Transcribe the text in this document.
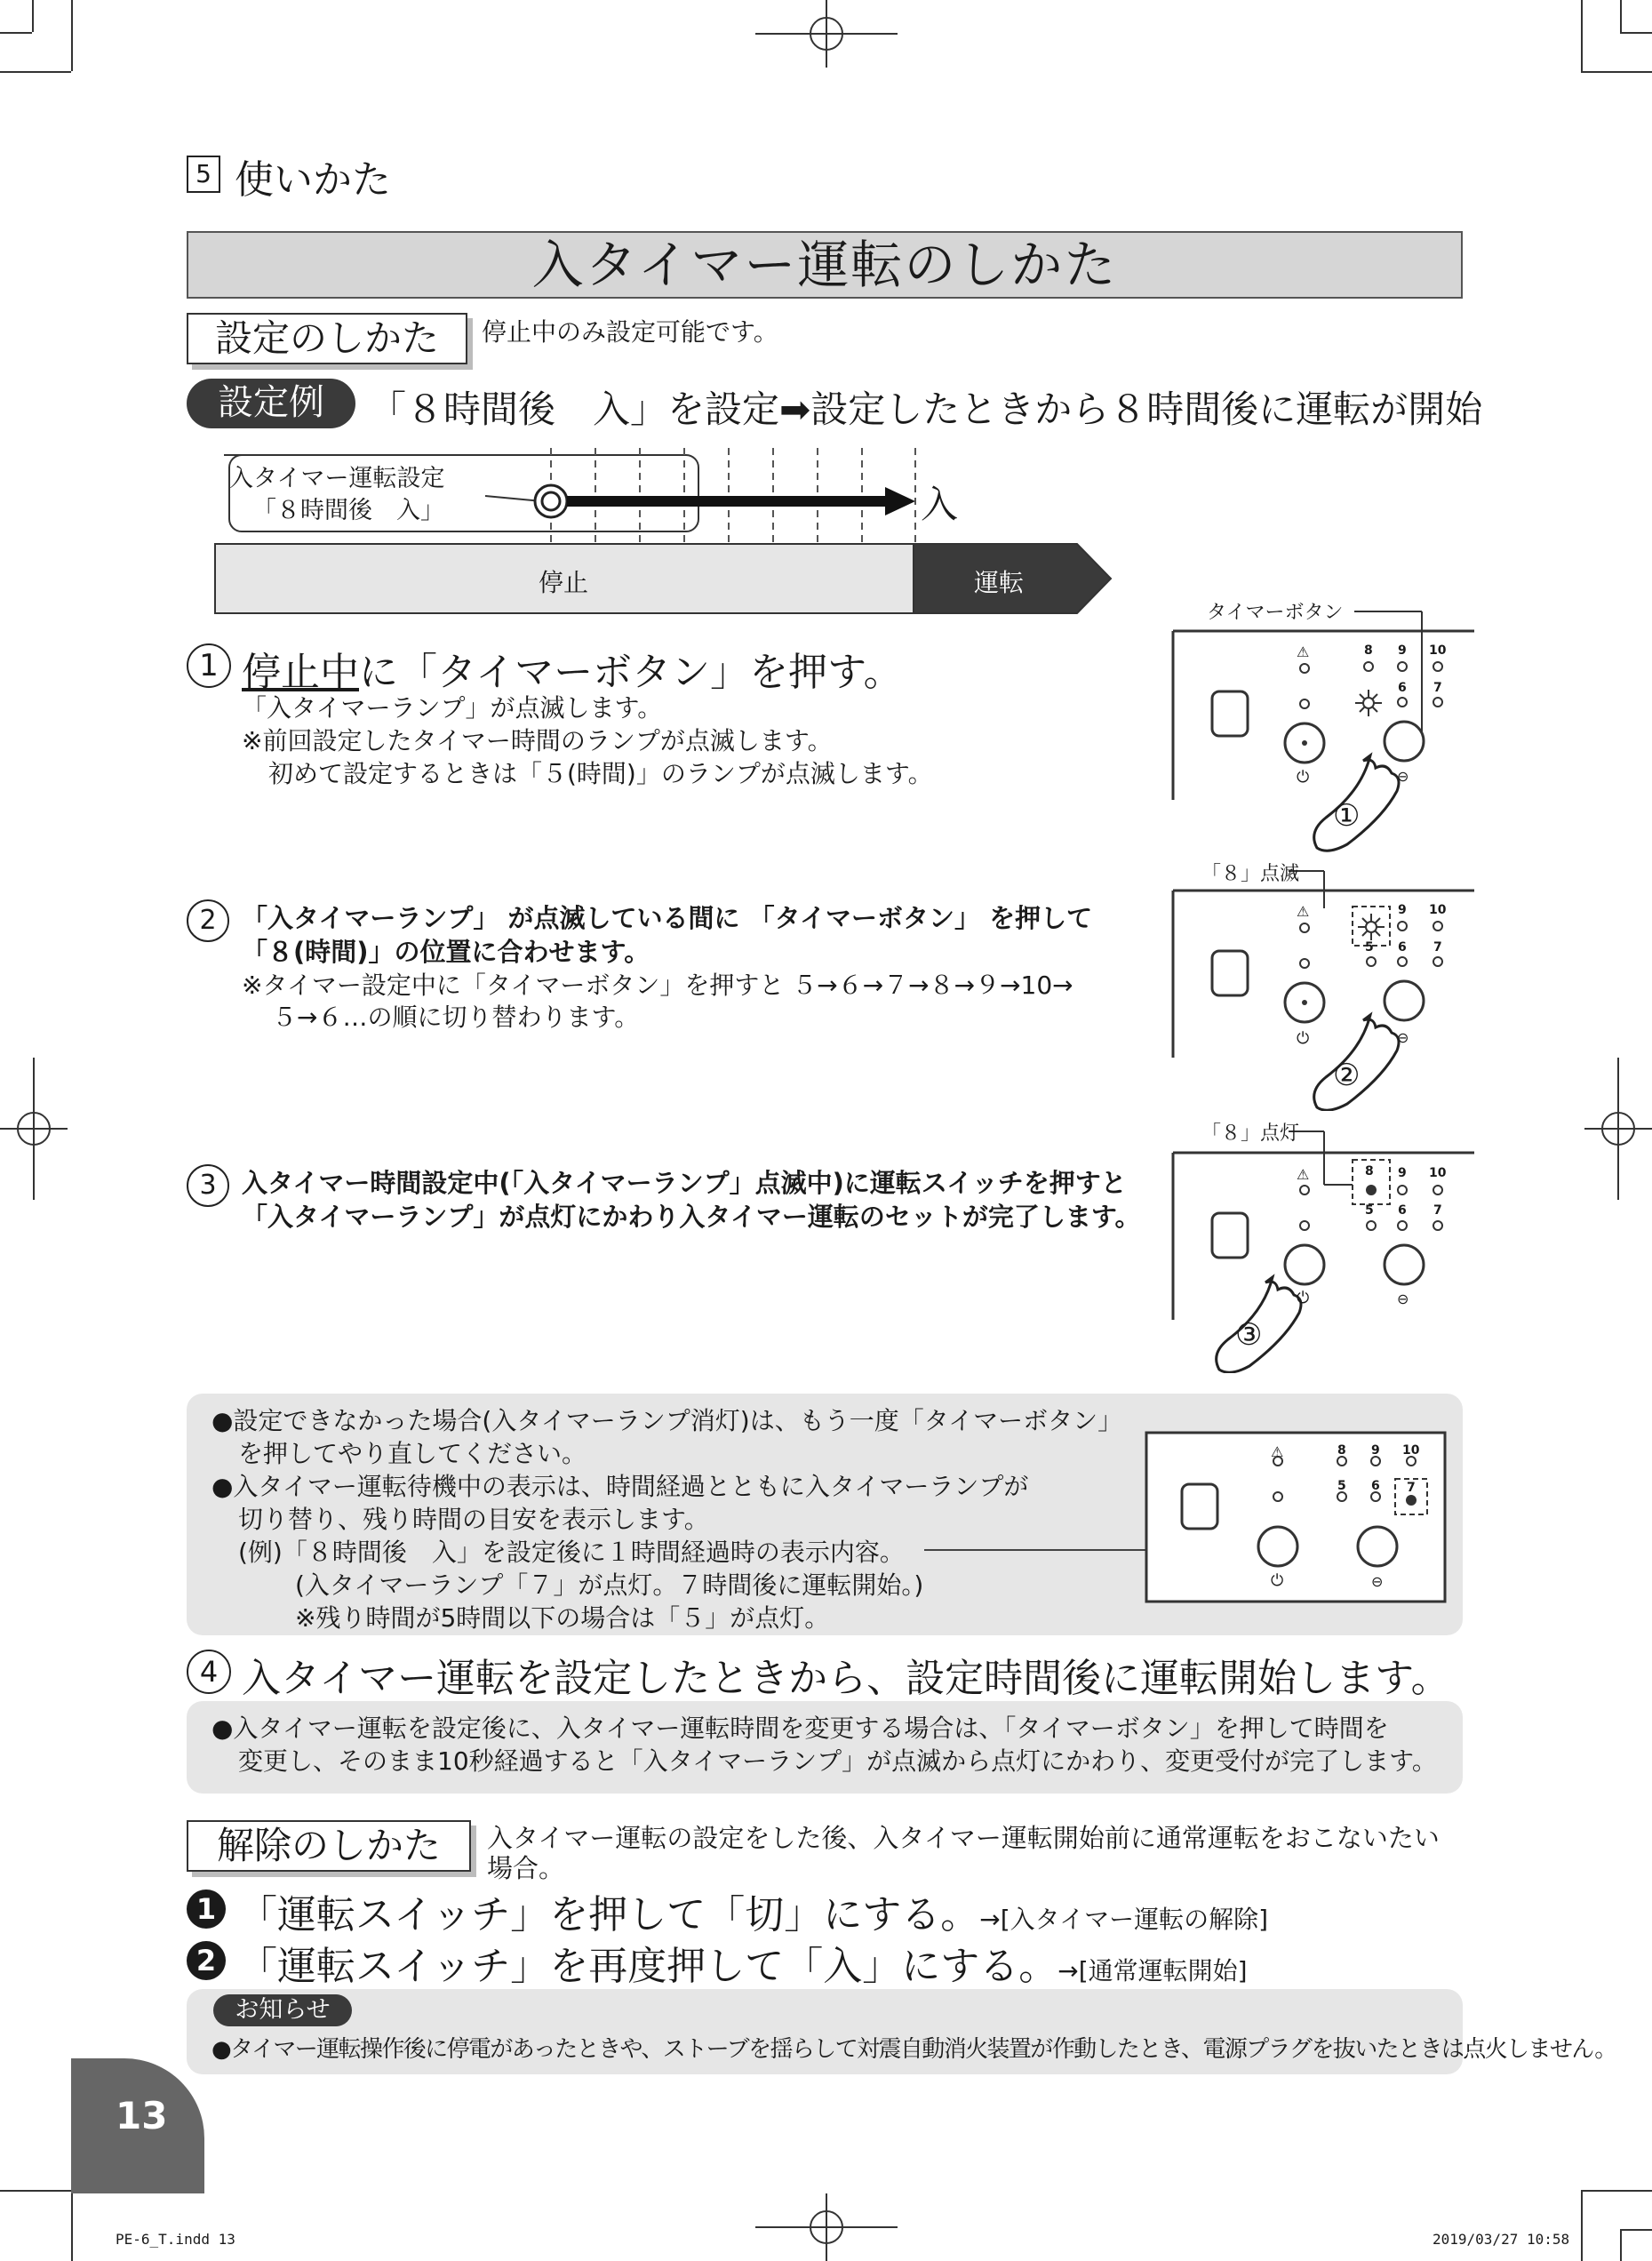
5 使いかた
入タイマー運転のしかた
設定のしかた	停止中のみ設定可能です。
設定例	「８時間後　入」を設定➡設定したときから８時間後に運転が開始
入タイマー運転設定
「８時間後　入」	入
停止	運転
1 停止中に「タイマーボタン」を押す。
「入タイマーランプ」が点滅します。
※前回設定したタイマー時間のランプが点滅します。
初めて設定するときは「５(時間)」のランプが点滅します。
2 「入タイマーランプ」 が点滅している間に 「タイマーボタン」 を押して
「８(時間)」の位置に合わせます。
※タイマー設定中に「タイマーボタン」を押すと ５→６→７→８→９→10→
５→６…の順に切り替わります。
3 入タイマー時間設定中(「入タイマーランプ」点滅中)に運転スイッチを押すと
「入タイマーランプ」が点灯にかわり入タイマー運転のセットが完了します。
タイマーボタン
⚠	8 9 10
6 7
⏻	⊖
①
「８」点滅
⚠	9 10
5 6 7
⏻	⊖
②
「８」点灯
⚠	8 9 10
5 6 7
⏻	⊖
③
●設定できなかった場合(入タイマーランプ消灯)は、もう一度「タイマーボタン」
を押してやり直してください。
●入タイマー運転待機中の表示は、時間経過とともに入タイマーランプが
切り替り、残り時間の目安を表示します。
(例)「８時間後　入」を設定後に１時間経過時の表示内容。
(入タイマーランプ「７」が点灯。７時間後に運転開始。)
※残り時間が5時間以下の場合は「５」が点灯。
⚠	8 9 10
5 6 7
⏻	⊖
4 入タイマー運転を設定したときから、設定時間後に運転開始します。
●入タイマー運転を設定後に、入タイマー運転時間を変更する場合は、「タイマーボタン」を押して時間を
変更し、そのまま10秒経過すると「入タイマーランプ」が点滅から点灯にかわり、変更受付が完了します。
解除のしかた	入タイマー運転の設定をした後、入タイマー運転開始前に通常運転をおこないたい
場合。
1 「運転スイッチ」を押して「切」にする。→[入タイマー運転の解除]
2 「運転スイッチ」を再度押して「入」にする。→[通常運転開始]
お知らせ
●タイマー運転操作後に停電があったときや、ストーブを揺らして対震自動消火装置が作動したとき、電源プラグを抜いたときは点火しません。
13
PE-6_T.indd 13	2019/03/27 10:58
